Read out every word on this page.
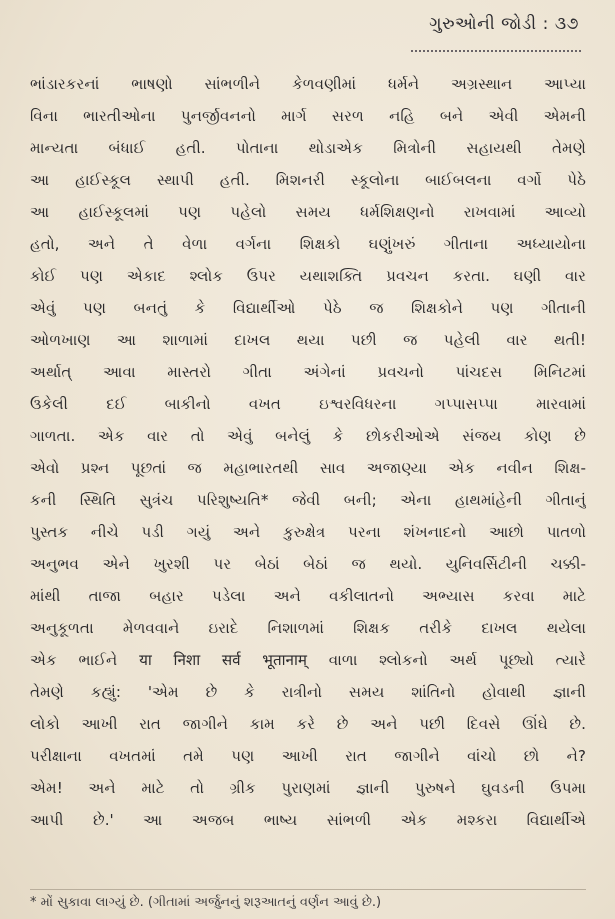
ગુરુઓની જોડી : ૩૭
ભાંડારકરનાં ભાષણો સાંભળીને કેળવણીમાં ધર્મને અગ્રસ્થાન આપ્યા
વિના ભારતીઓના પુનર્જીવનનો માર્ગ સરળ નહિ બને એવી એમની
માન્યતા બંધાઈ હતી. પોતાના થોડાએક મિત્રોની સહાયથી તેમણે
આ હાઈસ્કૂલ સ્થાપી હતી. મિશનરી સ્કૂલોના બાઈબલના વર્ગો પેઠે
આ હાઈસ્કૂલમાં પણ પહેલો સમય ધર્મશિક્ષણનો રાખવામાં આવ્યો
હતો, અને તે વેળા વર્ગના શિક્ષકો ઘણુંખરું ગીતાના અધ્યાયોના
કોઈ પણ એકાદ શ્લોક ઉપર યથાશક્તિ પ્રવચન કરતા. ઘણી વાર
એવું પણ બનતું કે વિદ્યાર્થીઓ પેઠે જ શિક્ષકોને પણ ગીતાની
ઓળખાણ આ શાળામાં દાખલ થયા પછી જ પહેલી વાર થતી!
અર્થાત્ આવા માસ્તરો ગીતા અંગેનાં પ્રવચનો પાંચદસ મિનિટમાં
ઉકેલી દઈ બાકીનો વખત ઇશ્વરવિધરના ગપ્પાસપ્પા મારવામાં
ગાળતા. એક વાર તો એવું બનેલું કે છોકરીઓએ સંજય કોણ છે
એવો પ્રશ્ન પૂછતાં જ મહાભારતથી સાવ અજાણ્યા એક નવીન શિક્ષ-
કની સ્થિતિ સુત્રંચ પરિશુષ્યતિ* જેવી બની; એના હાથમાંહેની ગીતાનું
પુસ્તક નીચે પડી ગયું અને કુરુક્ષેત્ર પરના શંખનાદનો આછો પાતળો
અનુભવ એને ખુરશી પર બેઠાં બેઠાં જ થયો. યુનિવર્સિટીની ચક્કી-
માંથી તાજા બહાર પડેલા અને વકીલાતનો અભ્યાસ કરવા માટે
અનુકૂળતા મેળવવાને ઇરાદે નિશાળમાં શિક્ષક તરીકે દાખલ થયેલા
એક ભાઈને या निशा सर्व भूतानाम् વાળા શ્લોકનો અર્થ પૂછ્યો ત્યારે
તેમણે કહ્યું: 'એમ છે કે રાત્રીનો સમય શાંતિનો હોવાથી જ્ઞાની
લોકો આખી રાત જાગીને કામ કરે છે અને પછી દિવસે ઊંઘે છે.
પરીક્ષાના વખતમાં તમે પણ આખી રાત જાગીને વાંચો છો ને?
એમ! અને માટે તો ગ્રીક પુરાણમાં જ્ઞાની પુરુષને ઘુવડની ઉપમા
આપી છે.' આ અજબ ભાષ્ય સાંભળી એક મશ્કરા વિદ્યાર્થીએ
* મોં સુકાવા લાગ્યું છે. (ગીતામાં અર્જુનનું શરૂઆતનું વર્ણન આવું છે.)
